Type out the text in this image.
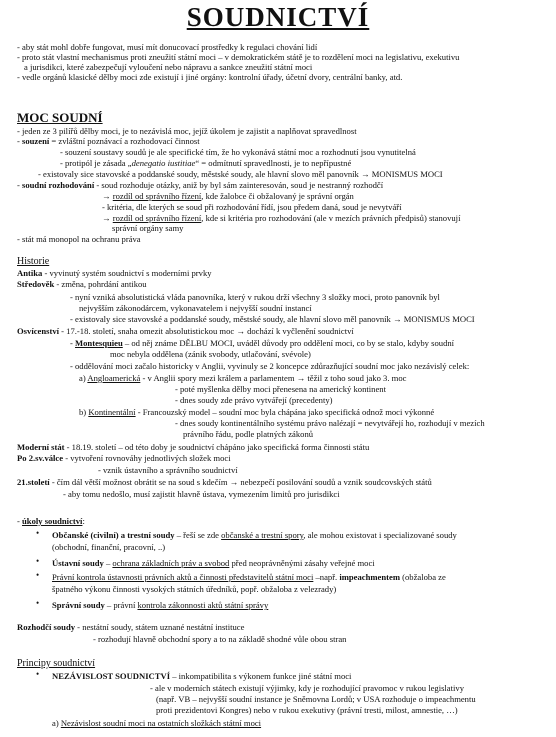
SOUDNICTVÍ
- aby stát mohl dobře fungovat, musí mít donucovací prostředky k regulaci chování lidí
- proto stát vlastní mechanismus proti zneužití státní moci – v demokratickém státě je to rozdělení moci na legislativu, exekutivu
a jurisdikci, které zabezpečují vyloučení nebo nápravu a sankce zneužití státní moci
- vedle orgánů klasické dělby moci zde existují i jiné orgány: kontrolní úřady, účetní dvory, centrální banky, atd.
MOC SOUDNÍ
- jeden ze 3 pilířů dělby moci, je to nezávislá moc, jejíž úkolem je zajistit a naplňovat spravedlnost
- souzení = zvláštní poznávací a rozhodovací činnost
- souzení soustavy soudů je ale specifické tím, že ho vykonává státní moc a rozhodnutí jsou vynutitelná
- protipól je zásada „denegatio iustitiae“ = odmítnutí spravedlnosti, je to nepřípustné
- existovaly sice stavovské a poddanské soudy, městské soudy, ale hlavní slovo měl panovník → MONISMUS MOCI
- soudní rozhodování - soud rozhoduje otázky, aniž by byl sám zainteresován, soud je nestranný rozhodčí
→ rozdíl od správního řízení, kde žalobce či obžalovaný je správní orgán
- kritéria, dle kterých se soud při rozhodování řídí, jsou předem daná, soud je nevytváří
→ rozdíl od správního řízení, kde si kritéria pro rozhodování (ale v mezích právních předpisů) stanovují
správní orgány samy
- stát má monopol na ochranu práva
Historie
Antika - vyvinutý systém soudnictví s moderními prvky
Středověk - změna, pohrdání antikou
- nyní vzniká absolutistická vláda panovníka, který v rukou drží všechny 3 složky moci, proto panovník byl
nejvyšším zákonodárcem, vykonavatelem i nejvyšší soudní instancí
- existovaly sice stavovské a poddanské soudy, městské soudy, ale hlavní slovo měl panovník → MONISMUS MOCI
Osvícenství - 17.-18. století, snaha omezit absolutistickou moc → dochází k vyčlenění soudnictví
- Montesquieu – od něj známe DĚLBU MOCI, uváděl důvody pro oddělení moci, co by se stalo, kdyby soudní
moc nebyla oddělena (zánik svobody, utlačování, svévole)
- oddělování moci začalo historicky v Anglii, vyvinuly se 2 koncepce zdůrazňující soudní moc jako nezávislý celek:
a) Angloamerická - v Anglii spory mezi králem a parlamentem → těžil z toho soud jako 3. moc
- poté myšlenka dělby moci přenesena na americký kontinent
- dnes soudy zde právo vytvářejí (precedenty)
b) Kontinentální - Francouzský model – soudní moc byla chápána jako specifická odnož moci výkonné
- dnes soudy kontinentálního systému právo nalézají = nevytvářejí ho, rozhodují v mezích
právního řádu, podle platných zákonů
Moderní stát - 18.19. století – od této doby je soudnictví chápáno jako specifická forma činnosti státu
Po 2.sv.válce - vytvoření rovnováhy jednotlivých složek moci
- vznik ústavního a správního soudnictví
21.století - čím dál větší možnost obrátit se na soud s kdečím → nebezpečí posilování soudů a vznik soudcovských států
- aby tomu nedošlo, musí zajistit hlavně ústava, vymezením limitů pro jurisdikci
- úkoly soudnictví:
• Občanské (civilní) a trestní soudy – řeší se zde občanské a trestní spory, ale mohou existovat i specializované soudy
(obchodní, finanční, pracovní, ..)
• Ústavní soudy – ochrana základních práv a svobod před neoprávněnými zásahy veřejné moci
• Právní kontrola ústavnosti právních aktů a činnosti představitelů státní moci –např. impeachmentem (obžaloba ze
špatného výkonu činnosti vysokých státních úředníků, popř. obžaloba z velezrady)
• Správní soudy – právní kontrola zákonnosti aktů státní správy
Rozhodčí soudy - nestátní soudy, státem uznané nestátní instituce
- rozhodují hlavně obchodní spory a to na základě shodné vůle obou stran
Principy soudnictví
• NEZÁVISLOST SOUDNICTVÍ – inkompatibilita s výkonem funkce jiné státní moci
- ale v moderních státech existují výjimky, kdy je rozhodující pravomoc v rukou legislativy
(např. VB – nejvyšší soudní instance je Sněmovna Lordů; v USA rozhoduje o impeachmentu
proti prezidentovi Kongres) nebo v rukou exekutivy (právní tresti, milost, amnestie, …)
a) Nezávislost soudní moci na ostatních složkách státní moci
